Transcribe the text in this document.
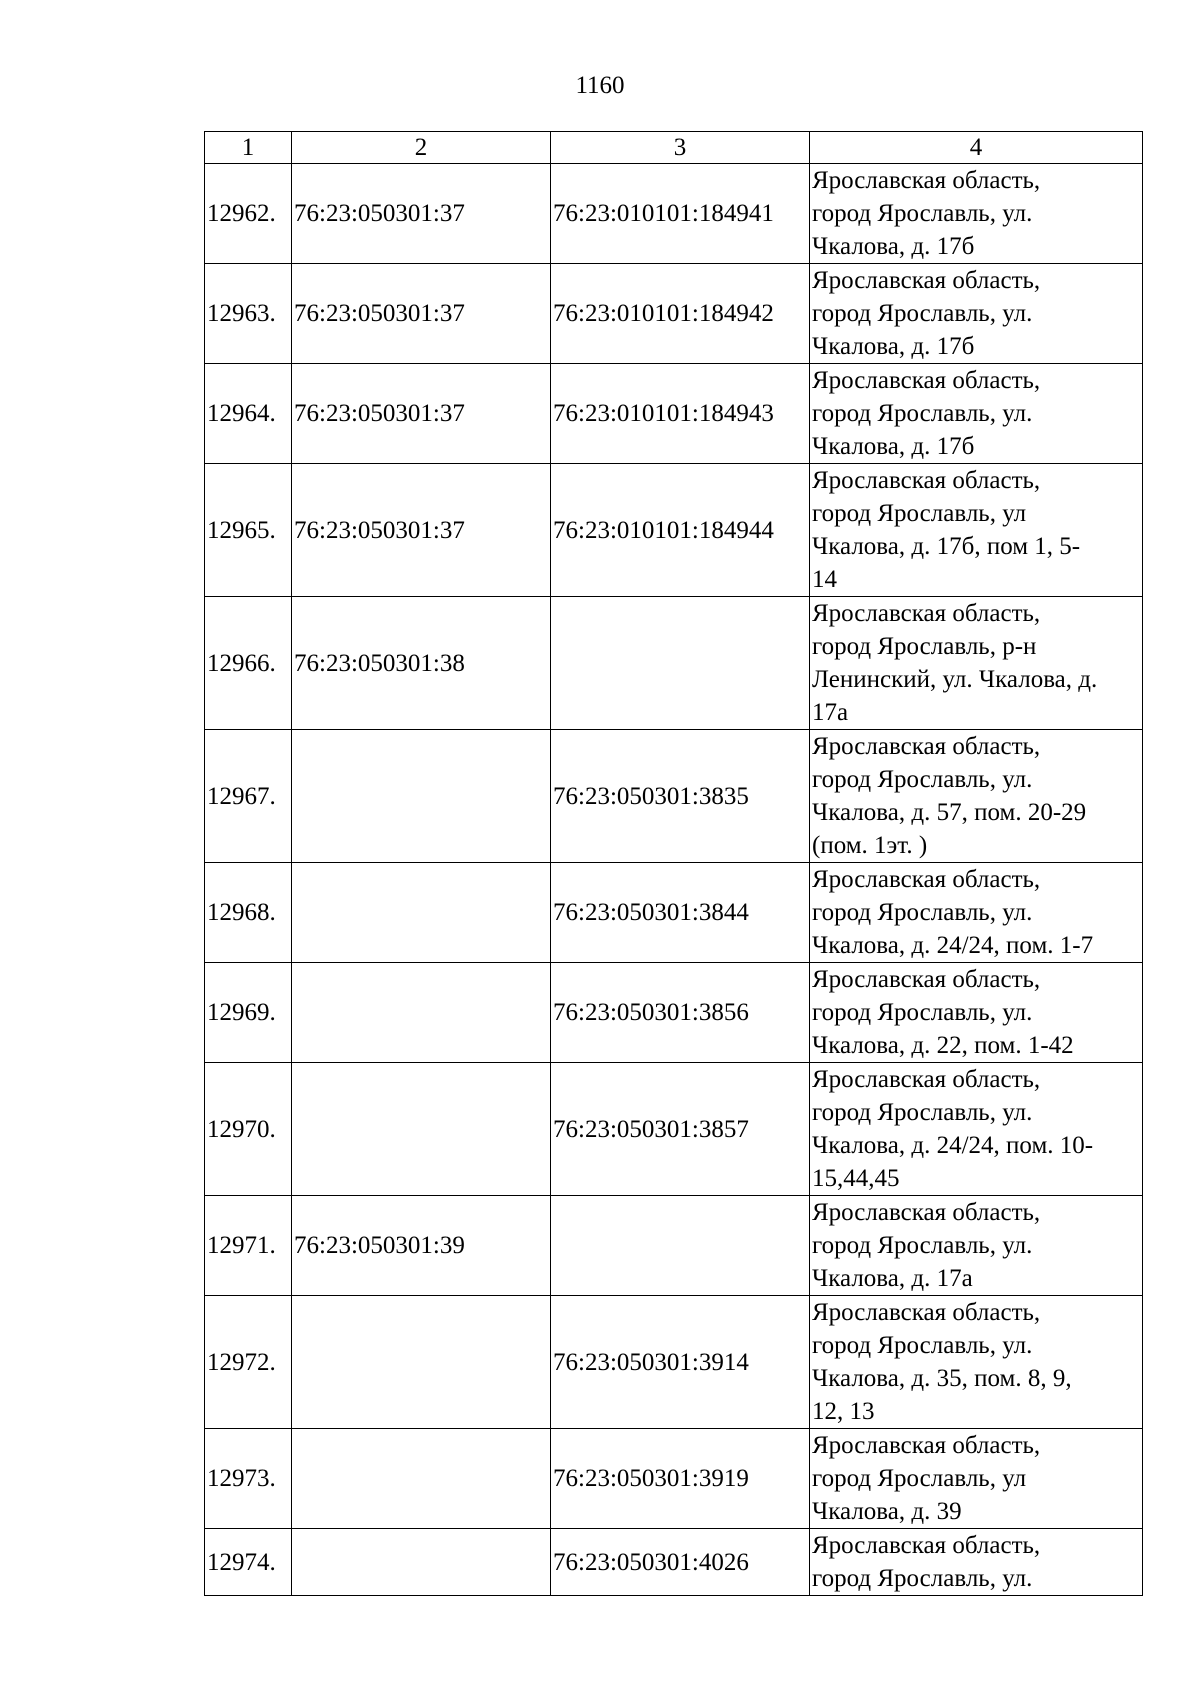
1160
1	2	3	4
12962.	76:23:050301:37	76:23:010101:184941	Ярославская область,
город Ярославль, ул.
Чкалова, д. 17б

12963.	76:23:050301:37	76:23:010101:184942	Ярославская область,
город Ярославль, ул.
Чкалова, д. 17б

12964.	76:23:050301:37	76:23:010101:184943	Ярославская область,
город Ярославль, ул.
Чкалова, д. 17б

12965.	76:23:050301:37	76:23:010101:184944	Ярославская область,
город Ярославль, ул
Чкалова, д. 17б, пом 1, 5-
14

12966.	76:23:050301:38		Ярославская область,
город Ярославль, р-н
Ленинский, ул. Чкалова, д.
17а

12967.		76:23:050301:3835	Ярославская область,
город Ярославль, ул.
Чкалова, д. 57, пом. 20-29
(пом. 1эт. )

12968.		76:23:050301:3844	Ярославская область,
город Ярославль, ул.
Чкалова, д. 24/24, пом. 1-7

12969.		76:23:050301:3856	Ярославская область,
город Ярославль, ул.
Чкалова, д. 22, пом. 1-42

12970.		76:23:050301:3857	Ярославская область,
город Ярославль, ул.
Чкалова, д. 24/24, пом. 10-
15,44,45

12971.	76:23:050301:39		Ярославская область,
город Ярославль, ул.
Чкалова, д. 17а

12972.		76:23:050301:3914	Ярославская область,
город Ярославль, ул.
Чкалова, д. 35, пом. 8, 9,
12, 13

12973.		76:23:050301:3919	Ярославская область,
город Ярославль, ул
Чкалова, д. 39

12974.		76:23:050301:4026	Ярославская область,
город Ярославль, ул.
